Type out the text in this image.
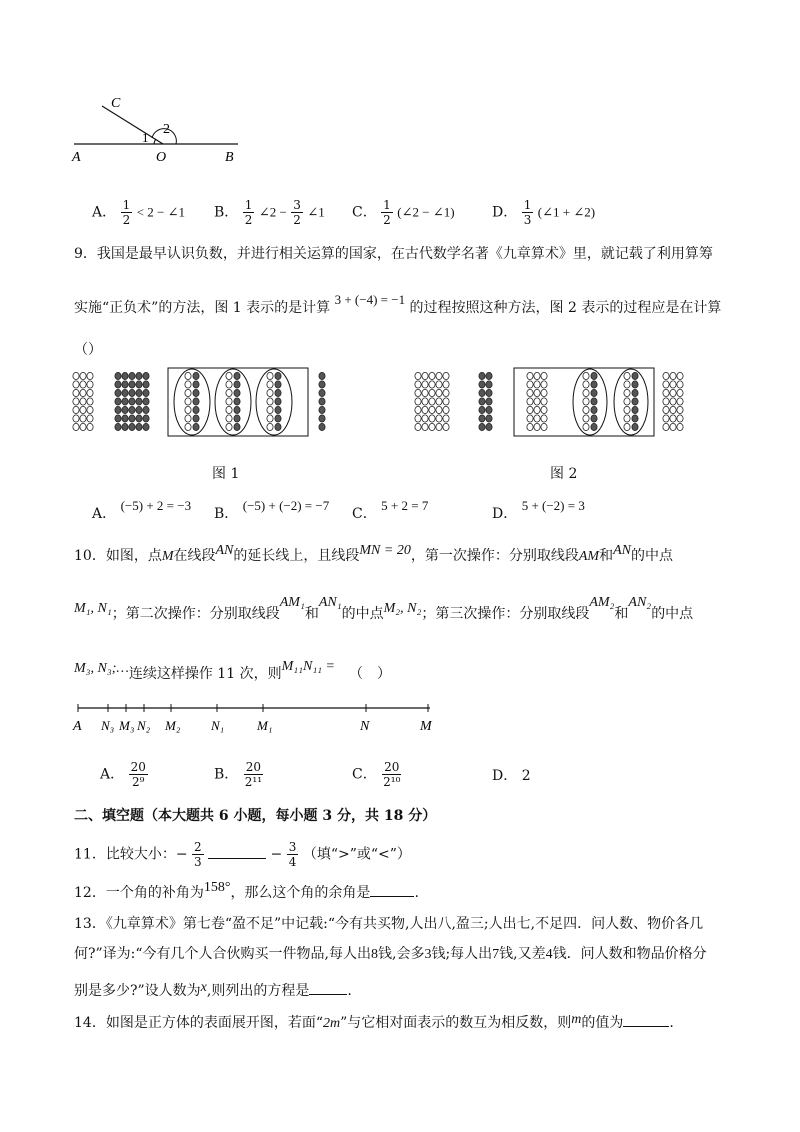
C
2
1
A	O	B
A． $\frac{1}{2} < 2$ − ∠1 B． $\frac{1}{2}$ ∠2 − $\frac{3}{2}$ ∠1 C． $\frac{1}{2}$ (∠2 − ∠1)	D． $\frac{1}{3}$ (∠1 + ∠2)
9．我国是最早认识负数，并进行相关运算的国家，在古代数学名著《九章算术》里，就记载了利用算筹
实施“正负术”的方法，图 1 表示的是计算 3 + (−4) = −1 的过程按照这种方法，图 2 表示的过程应是在计算
（）
图 1	图 2
A． (−5) + 2 = −3
B． (−5) + (−2) = −7
C． 5 + 2 = 7
D． 5 + (−2) = 3
10．如图，点M在线段AN的延长线上，且线段MN = 20，第一次操作：分别取线段AM和AN的中点
M₁, N₁；第二次操作：分别取线段AM₁和AN₁的中点M₂, N₂；第三次操作：分别取线段AM₂和AN₂的中点
M₃, N₃;…连续这样操作 11 次，则M₁₁N₁₁ = （　）
A N₃ M₃ N₂ M₂ N₁	M₁	N	M
A． $\frac{20}{\text{2⁹}}$	B． $\frac{20}{\text{2¹¹}}$	C． $\frac{20}{\text{2¹⁰}}$	D． 2
二、填空题（本大题共 6 小题，每小题 3 分，共 18 分）
11．比较大小：− $\frac{2}{3}$	− $\frac{3}{4}$ （填“>”或“<”）
12．一个角的补角为158°，那么这个角的余角是	.
13．《九章算术》第七卷“盈不足”中记载:“今有共买物,人出八,盈三;人出七,不足四．问人数、物价各几
何?”译为:“今有几个人合伙购买一件物品,每人出8钱,会多3钱;每人出7钱,又差4钱．问人数和物品价格分
别是多少?”设人数为x,则列出的方程是	.
14．如图是正方体的表面展开图，若面“2m”与它相对面表示的数互为相反数，则m的值为	.
